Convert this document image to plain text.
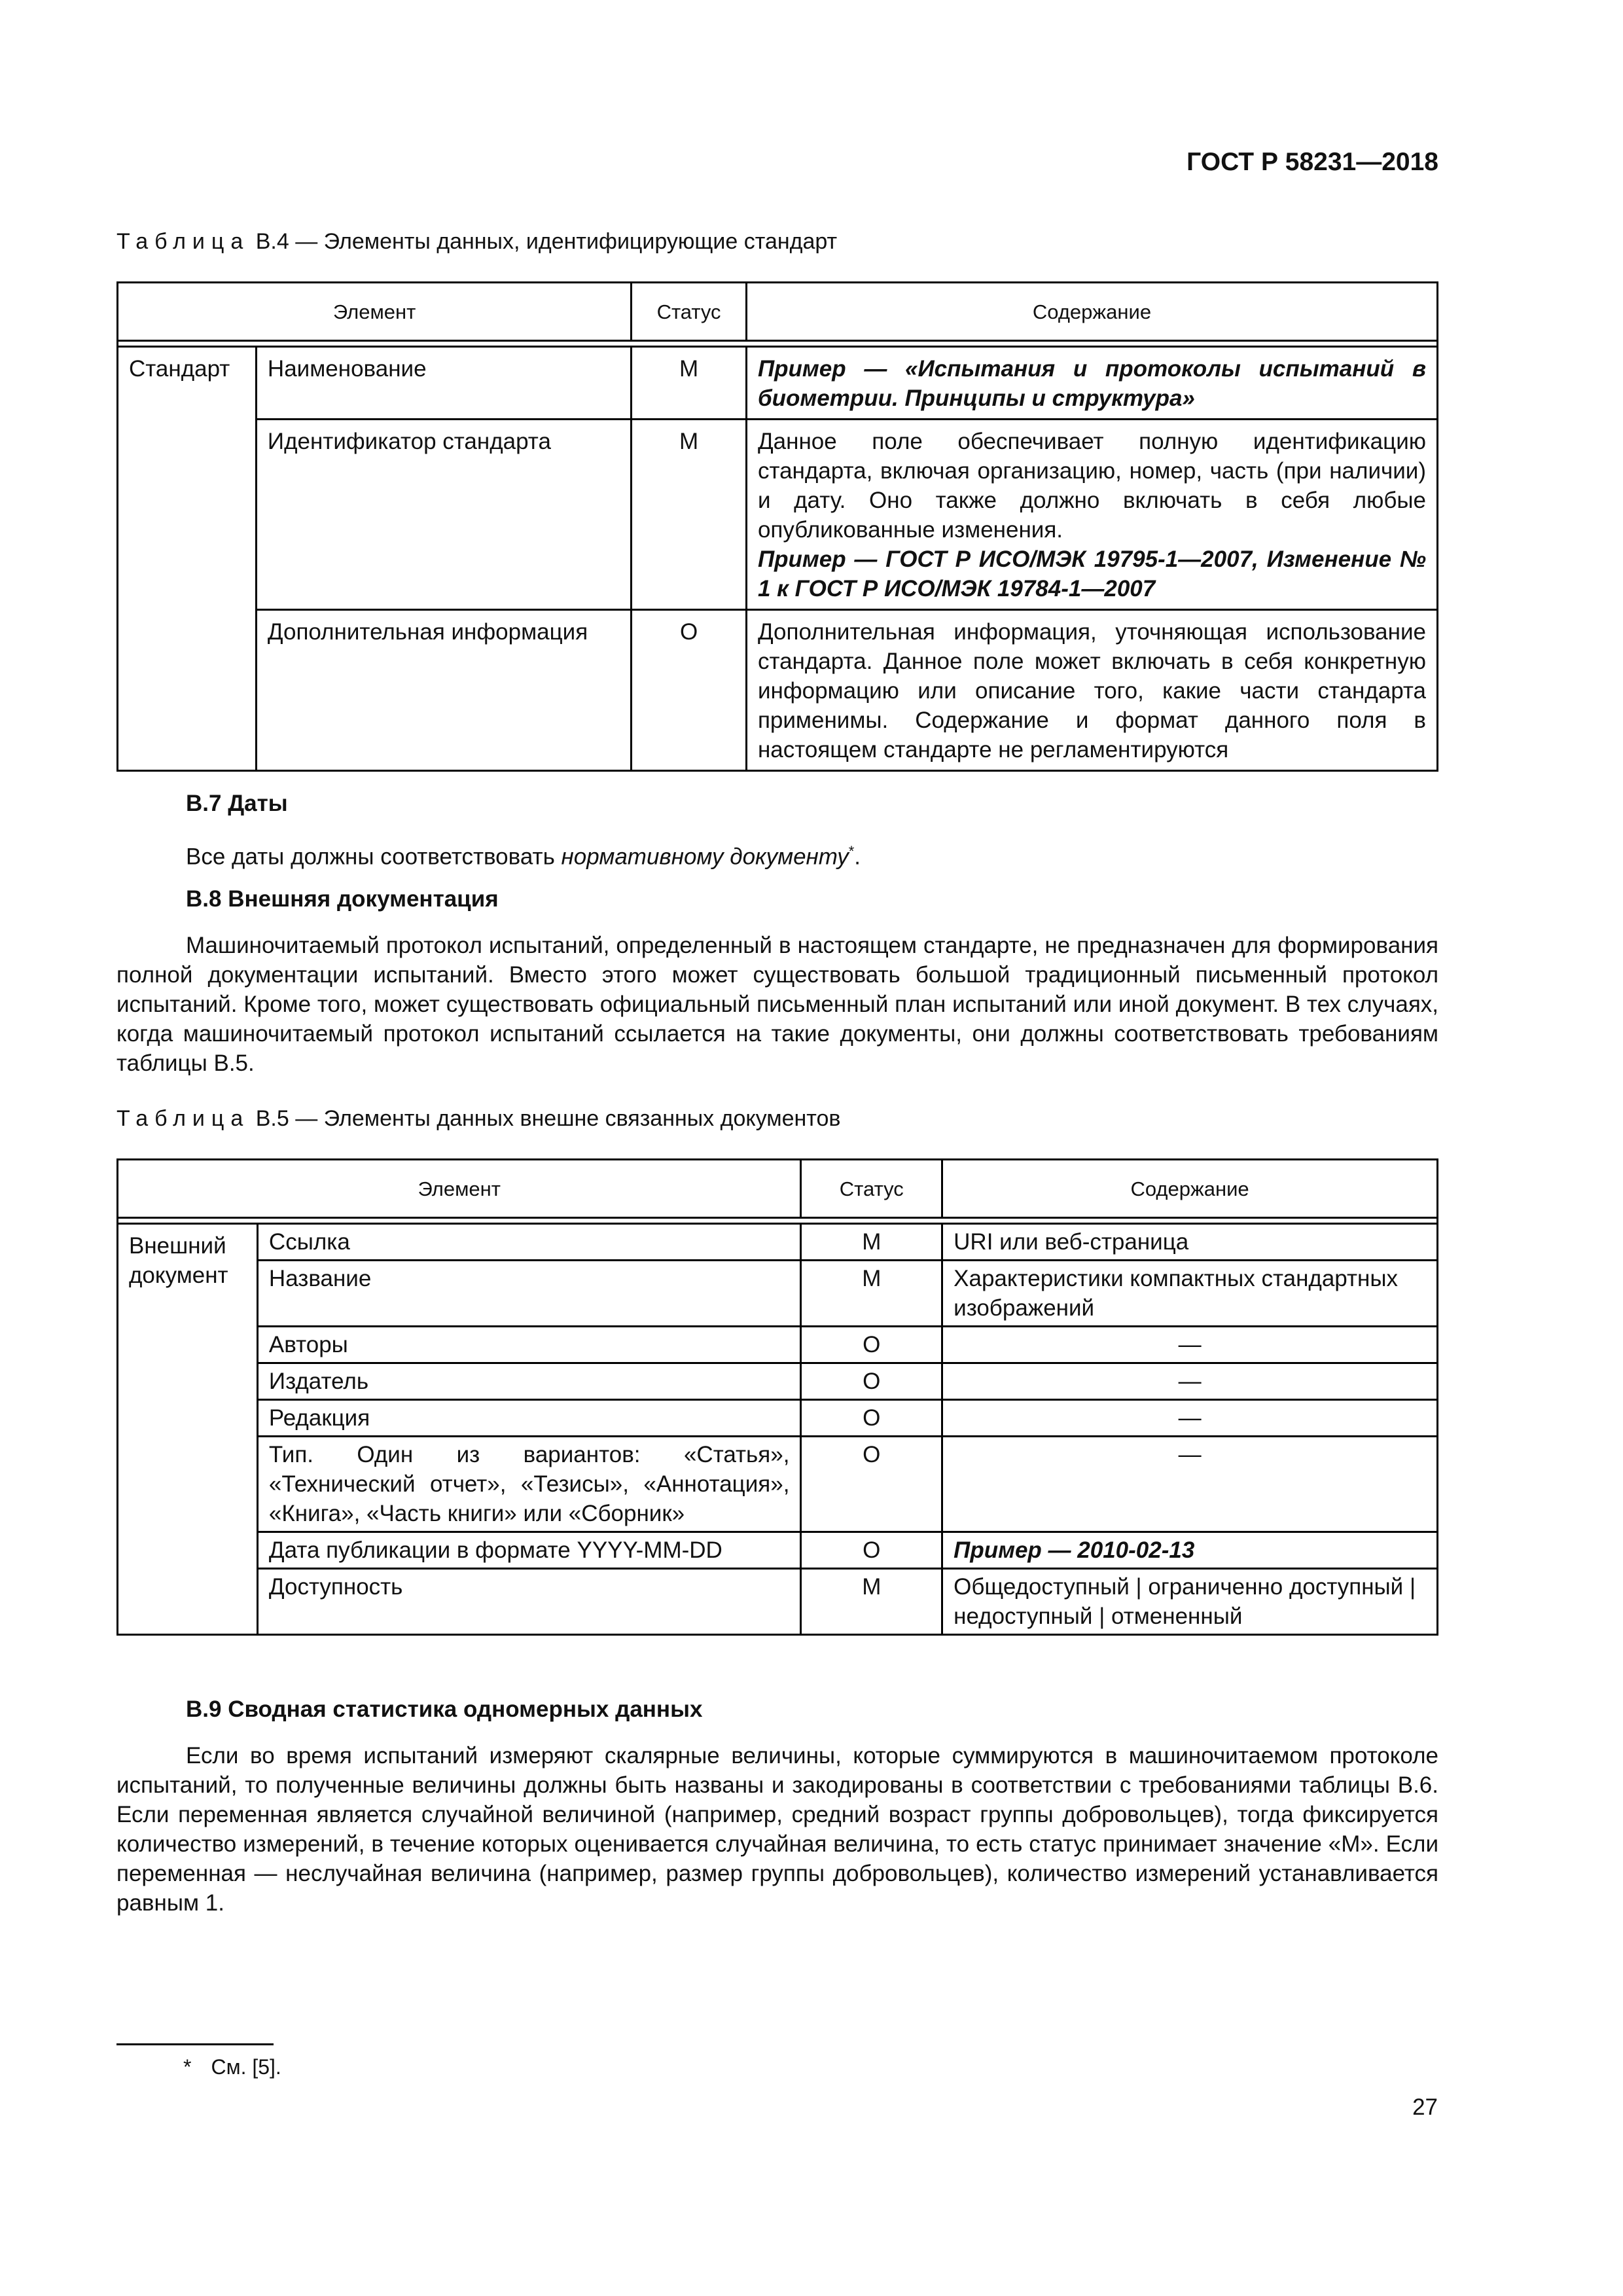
ГОСТ Р 58231—2018
Таблица В.4 — Элементы данных, идентифицирующие стандарт
Элемент		Статус	Содержание

Стандарт	Наименование	M	Пример — «Испытания и протоколы испытаний в биометрии. Принципы и структура»
	Идентификатор стандарта	M	Данное поле обеспечивает полную идентификацию стандарта, включая организацию, номер, часть (при наличии) и дату. Оно также должно включать в себя любые опубликованные изменения.
Пример — ГОСТ Р ИСО/МЭК 19795-1—2007, Изменение № 1 к ГОСТ Р ИСО/МЭК 19784-1—2007
	Дополнительная информация	О	Дополнительная информация, уточняющая использование стандарта. Данное поле может включать в себя конкретную информацию или описание того, какие части стандарта применимы. Содержание и формат данного поля в настоящем стандарте не регламентируются
В.7 Даты
Все даты должны соответствовать нормативному документу*.
В.8 Внешняя документация
Машиночитаемый протокол испытаний, определенный в настоящем стандарте, не предназначен для формирования полной документации испытаний. Вместо этого может существовать большой традиционный письменный протокол испытаний. Кроме того, может существовать официальный письменный план испытаний или иной документ. В тех случаях, когда машиночитаемый протокол испытаний ссылается на такие документы, они должны соответствовать требованиям таблицы В.5.
Таблица В.5 — Элементы данных внешне связанных документов
Элемент		Статус	Содержание

Внешний документ	Ссылка	M	URI или веб-страница
	Название	M	Характеристики компактных стандартных изображений
	Авторы	О	—
	Издатель	О	—
	Редакция	О	—
	Тип. Один из вариантов: «Статья», «Технический отчет», «Тезисы», «Аннотация», «Книга», «Часть книги» или «Сборник»	О	—
	Дата публикации в формате YYYY-MM-DD	О	Пример — 2010-02-13
	Доступность	M	Общедоступный | ограниченно доступный | недоступный | отмененный
В.9 Сводная статистика одномерных данных
Если во время испытаний измеряют скалярные величины, которые суммируются в машиночитаемом протоколе испытаний, то полученные величины должны быть названы и закодированы в соответствии с требованиями таблицы В.6. Если переменная является случайной величиной (например, средний возраст группы добровольцев), тогда фиксируется количество измерений, в течение которых оценивается случайная величина, то есть статус принимает значение «М». Если переменная — неслучайная величина (например, размер группы добровольцев), количество измерений устанавливается равным 1.
* См. [5].
27
